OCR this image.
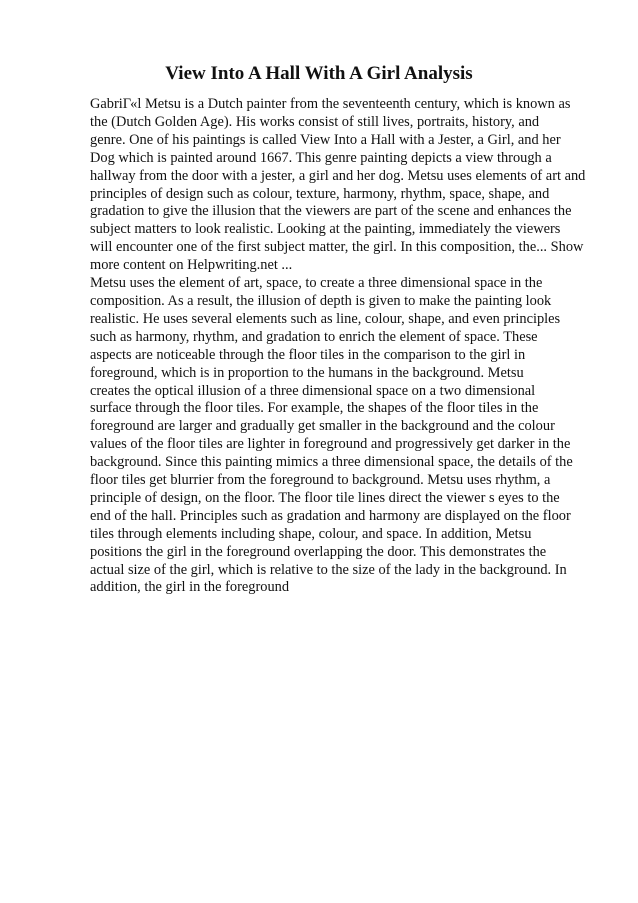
View Into A Hall With A Girl Analysis
GabriГ«l Metsu is a Dutch painter from the seventeenth century, which is known as
the (Dutch Golden Age). His works consist of still lives, portraits, history, and
genre. One of his paintings is called View Into a Hall with a Jester, a Girl, and her
Dog which is painted around 1667. This genre painting depicts a view through a
hallway from the door with a jester, a girl and her dog. Metsu uses elements of art and
principles of design such as colour, texture, harmony, rhythm, space, shape, and
gradation to give the illusion that the viewers are part of the scene and enhances the
subject matters to look realistic. Looking at the painting, immediately the viewers
will encounter one of the first subject matter, the girl. In this composition, the... Show
more content on Helpwriting.net ...
Metsu uses the element of art, space, to create a three dimensional space in the
composition. As a result, the illusion of depth is given to make the painting look
realistic. He uses several elements such as line, colour, shape, and even principles
such as harmony, rhythm, and gradation to enrich the element of space. These
aspects are noticeable through the floor tiles in the comparison to the girl in
foreground, which is in proportion to the humans in the background. Metsu
creates the optical illusion of a three dimensional space on a two dimensional
surface through the floor tiles. For example, the shapes of the floor tiles in the
foreground are larger and gradually get smaller in the background and the colour
values of the floor tiles are lighter in foreground and progressively get darker in the
background. Since this painting mimics a three dimensional space, the details of the
floor tiles get blurrier from the foreground to background. Metsu uses rhythm, a
principle of design, on the floor. The floor tile lines direct the viewer s eyes to the
end of the hall. Principles such as gradation and harmony are displayed on the floor
tiles through elements including shape, colour, and space. In addition, Metsu
positions the girl in the foreground overlapping the door. This demonstrates the
actual size of the girl, which is relative to the size of the lady in the background. In
addition, the girl in the foreground
